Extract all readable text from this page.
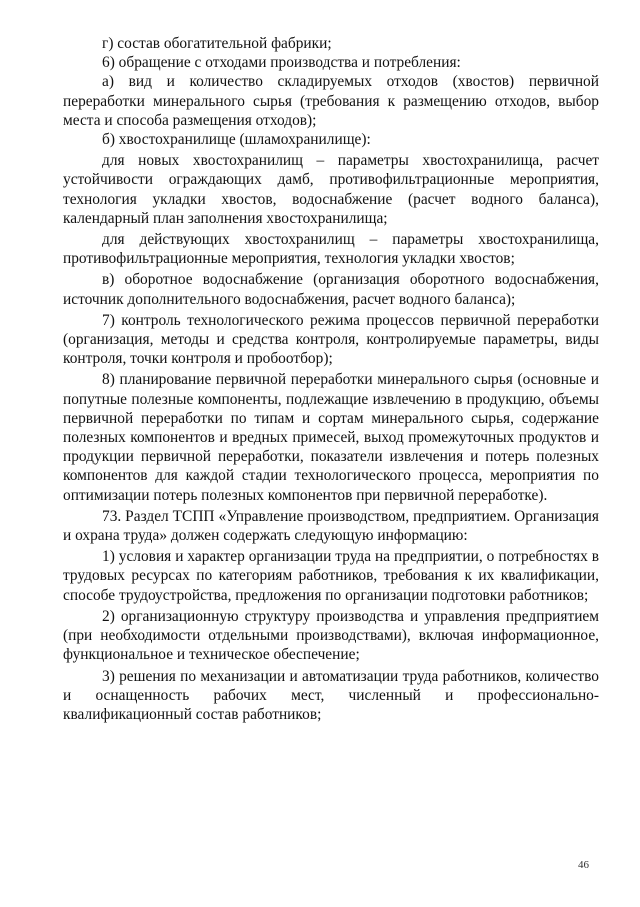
г) состав обогатительной фабрики;

6) обращение с отходами производства и потребления:

а) вид и количество складируемых отходов (хвостов) первичной переработки минерального сырья (требования к размещению отходов, выбор места и способа размещения отходов);

б) хвостохранилище (шламохранилище):

для новых хвостохранилищ – параметры хвостохранилища, расчет устойчивости ограждающих дамб, противофильтрационные мероприятия, технология укладки хвостов, водоснабжение (расчет водного баланса), календарный план заполнения хвостохранилища;

для действующих хвостохранилищ – параметры хвостохранилища, противофильтрационные мероприятия, технология укладки хвостов;

в) оборотное водоснабжение (организация оборотного водоснабжения, источник дополнительного водоснабжения, расчет водного баланса);

7) контроль технологического режима процессов первичной переработки (организация, методы и средства контроля, контролируемые параметры, виды контроля, точки контроля и пробоотбор);

8) планирование первичной переработки минерального сырья (основные и попутные полезные компоненты, подлежащие извлечению в продукцию, объемы первичной переработки по типам и сортам минерального сырья, содержание полезных компонентов и вредных примесей, выход промежуточных продуктов и продукции первичной переработки, показатели извлечения и потерь полезных компонентов для каждой стадии технологического процесса, мероприятия по оптимизации потерь полезных компонентов при первичной переработке).

73. Раздел ТСПП «Управление производством, предприятием. Организация и охрана труда» должен содержать следующую информацию:

1) условия и характер организации труда на предприятии, о потребностях в трудовых ресурсах по категориям работников, требования к их квалификации, способе трудоустройства, предложения по организации подготовки работников;

2) организационную структуру производства и управления предприятием (при необходимости отдельными производствами), включая информационное, функциональное и техническое обеспечение;

3) решения по механизации и автоматизации труда работников, количество и оснащенность рабочих мест, численный и профессионально-квалификационный состав работников;

46
